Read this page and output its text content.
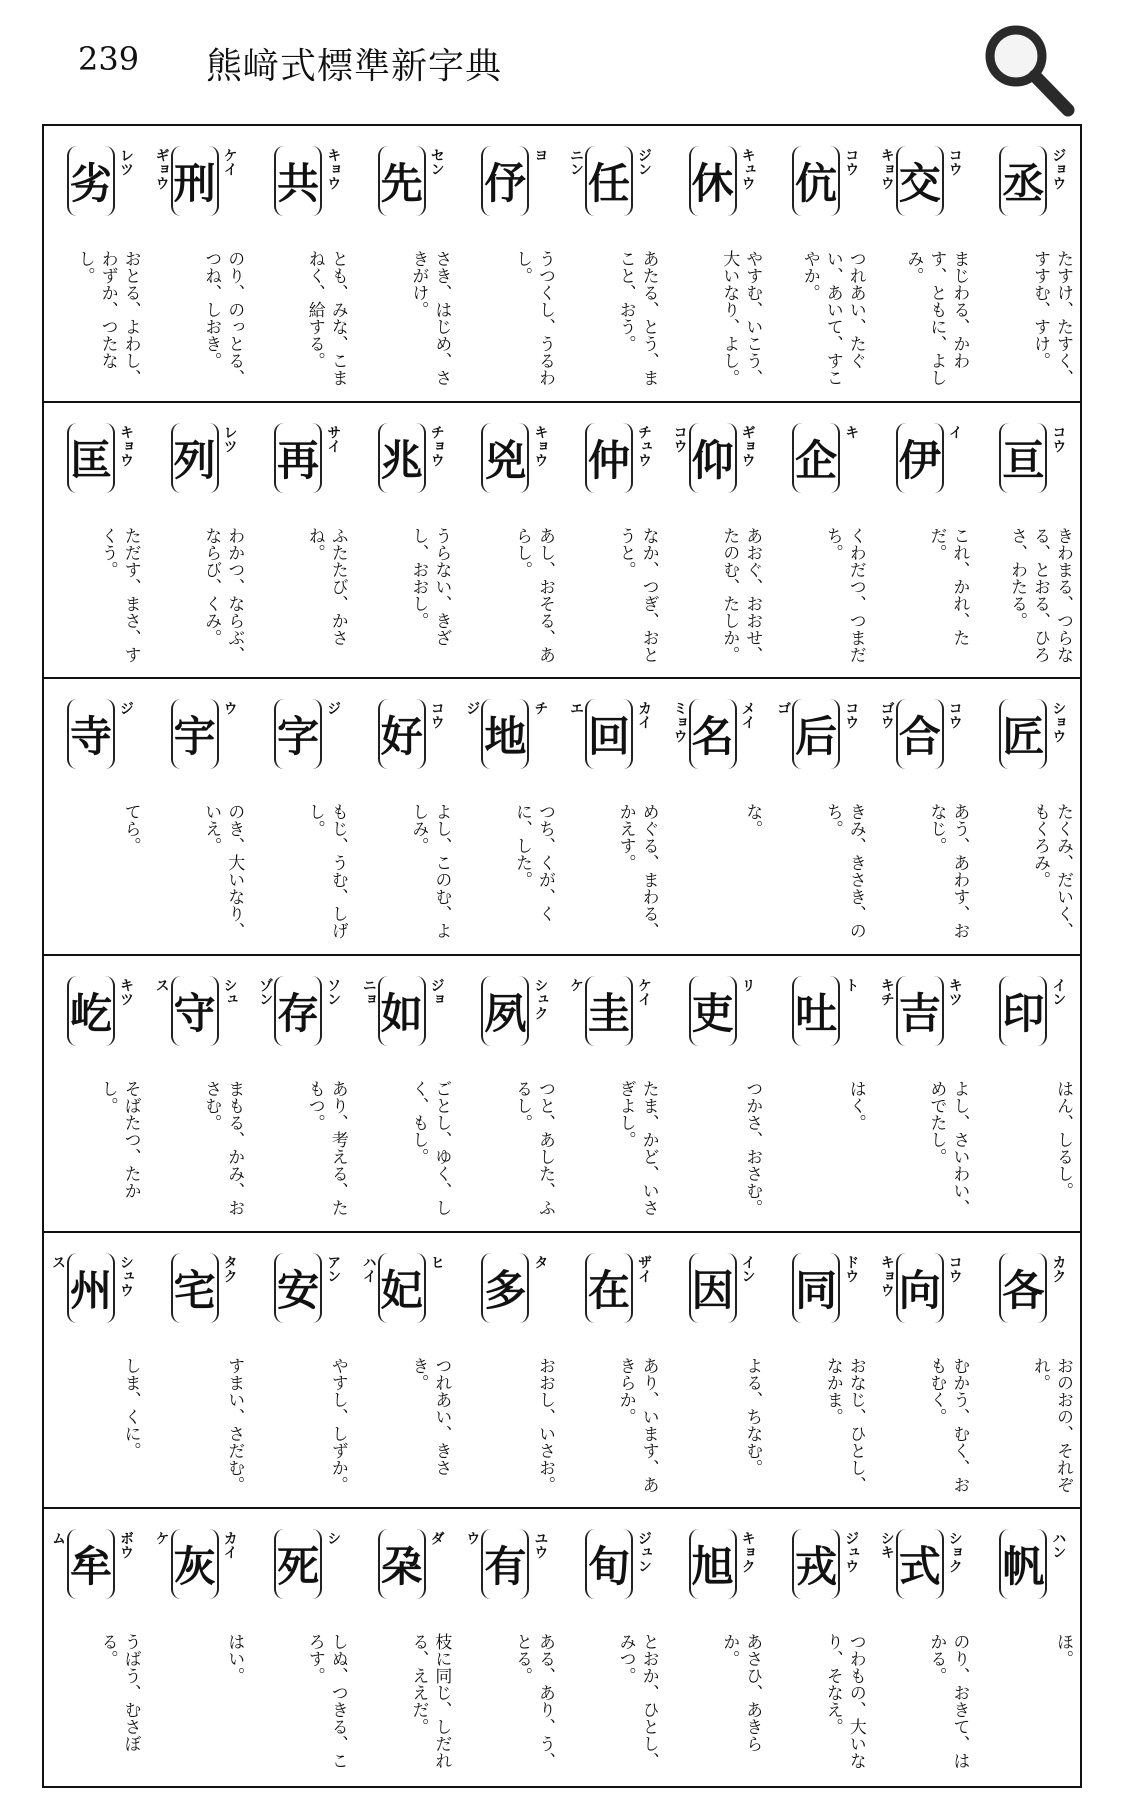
239 熊﨑式標準新字典
劣 レツ
おとる、よわし、わずか、つたなし。
刑 ケイ
ギョウ
のり、のっとる、つね、しおき。
共 キョウ
とも、みな、こまねく、給する。
先 セン
さき、はじめ、さきがけ。
伃
ヨ
うつくし、うるわし。
任 ジン
ニン
あたる、とう、まこと、おう。
休 キュウ
やすむ、いこう、大いなり、よし。
伉 コウ
つれあい、たぐい、あいて、すこやか。
交 コウ
キョウ
まじわる、かわす、ともに、よしみ。
丞 ジョウ
たすけ、たすく、すすむ、すけ。
匡 キョウ
ただす、まさ、すくう。
列 レツ
わかつ、ならぶ、ならび、くみ。
再 サイ
ふたたび、かさね。
兆 チョウ
うらない、きざし、おおし。
兇 キョウ
あし、おそる、あらし。
仲 チュウ
なか、つぎ、おとうと。
仰 ギョウ
コウ
あおぐ、おおせ、たのむ、たしか。
企
キ
くわだつ、つまだち。
伊
イ
これ、かれ、ただ。
亘 コウ
きわまる、つらなる、とおる、ひろさ、わたる。
寺
ジ
てら。
宇
ウ
のき、大いなり、いえ。
字
ジ
もじ、うむ、しげし。
好 コウ
よし、このむ、よしみ。
地
チ
ジ
つち、くが、くに、した。
回 カイ
エ
めぐる、まわる、かえす。
名 メイ
ミョウ
な。
后 コウ
ゴ
きみ、きさき、のち。
合 コウ
ゴウ
あう、あわす、おなじ。
匠 ショウ
たくみ、だいく、もくろみ。
屹 キツ
そばたつ、たかし。
守 シュ
ス
まもる、かみ、おさむ。
存 ソン
ゾン
あり、考える、たもつ。
如 ジョ
ニョ
ごとし、ゆく、しく、もし。
夙 シュク
つと、あした、ふるし。
圭 ケイ
ケ
たま、かど、いさぎよし。
吏
リ
つかさ、おさむ。
吐
ト
はく。
吉 キツ
キチ
よし、さいわい、めでたし。
印 イン
はん、しるし。
州 シュウ
ス
しま、くに。
宅 タク
すまい、さだむ。
安 アン
やすし、しずか。
妃
ヒ
ハイ
つれあい、きさき。
多
タ
おおし、いさお。
在 ザイ
あり、います、あきらか。
因 イン
よる、ちなむ。
同 ドウ
おなじ、ひとし、なかま。
向 コウ
キョウ
むかう、むく、おもむく。
各 カク
おのおの、それぞれ。
牟 ボウ
ム
うばう、むさぼる。
灰 カイ
ケ
はい。
死
シ
しぬ、つきる、ころす。
朶
ダ
枝に同じ、しだれる、ええだ。
有 ユウ
ウ
ある、あり、う、とる。
旬 ジュン
とおか、ひとし、みつ。
旭 キョク
あさひ、あきらか。
戎 ジュウ
つわもの、大いなり、そなえ。
式 ショク
シキ
のり、おきて、はかる。
帆 ハン
ほ。
